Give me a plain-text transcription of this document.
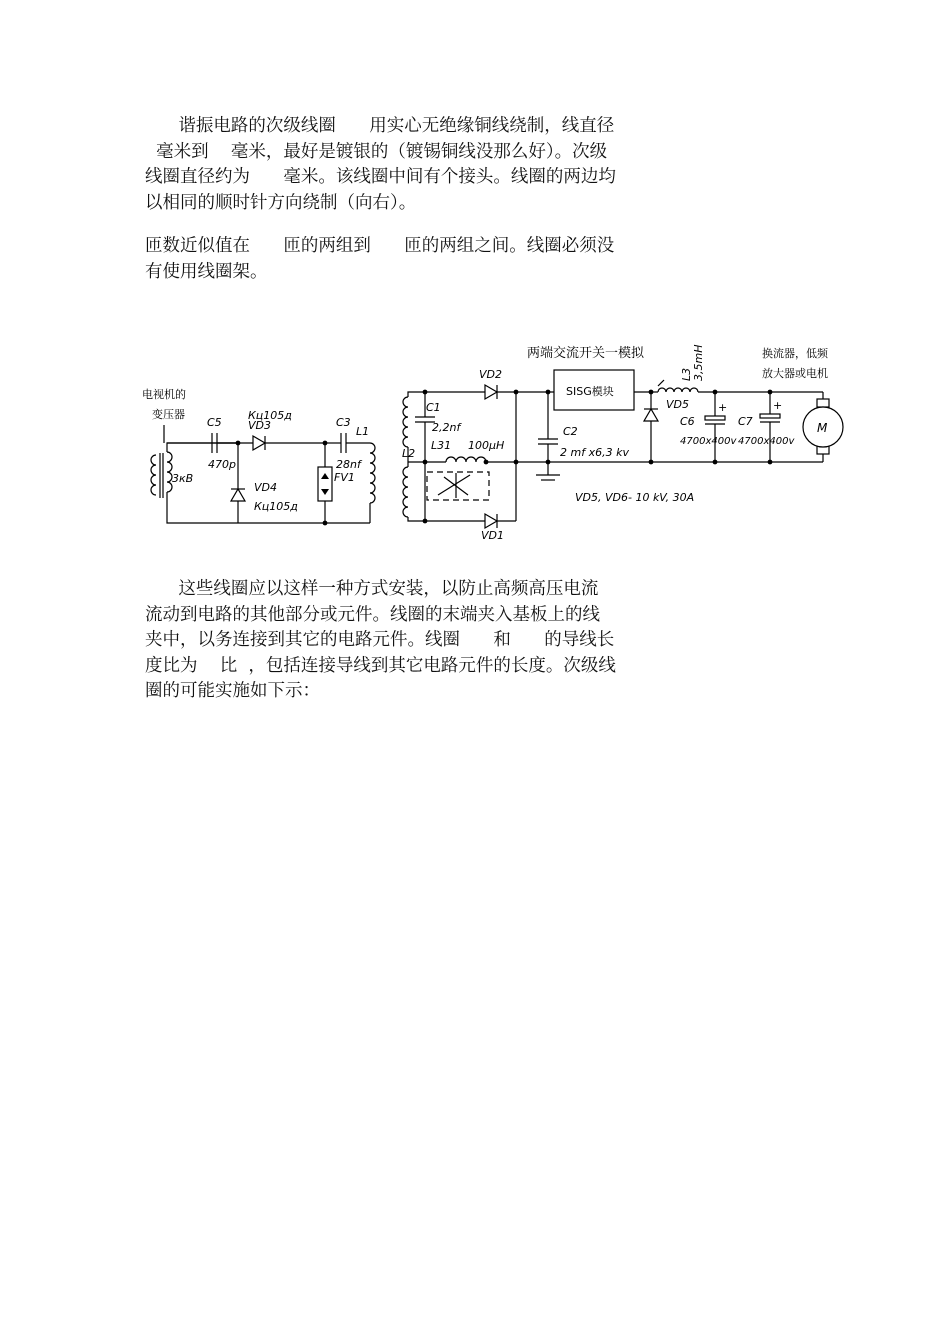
谐振电路的次级线圈      用实心无绝缘铜线绕制，线直径
毫米到    毫米，最好是镀银的（镀锡铜线没那么好）。次级
线圈直径约为      毫米。该线圈中间有个接头。线圈的两边均
以相同的顺时针方向绕制（向右）。
匝数近似值在      匝的两组到      匝的两组之间。线圈必须没
有使用线圈架。
电视机的
变压器
3кВ
C5
470p
Кц105д
VD3
VD4
Кц105д
FV1
C3
28nf
L1
L2
C1
2,2nf
L31 100µH
VD2
VD1
C2
2 mf x6,3 kv
两端交流开关一模拟
SISG模块
VD5
L3 3,5mH
+
C6
4700x400v
+
C7
4700x400v
换流器，低频
放大器或电机
M
VD5, VD6- 10 kV, 30A
这些线圈应以这样一种方式安装，以防止高频高压电流
流动到电路的其他部分或元件。线圈的末端夹入基板上的线
夹中，以务连接到其它的电路元件。线圈      和      的导线长
度比为    比  ，包括连接导线到其它电路元件的长度。次级线
圈的可能实施如下示：
